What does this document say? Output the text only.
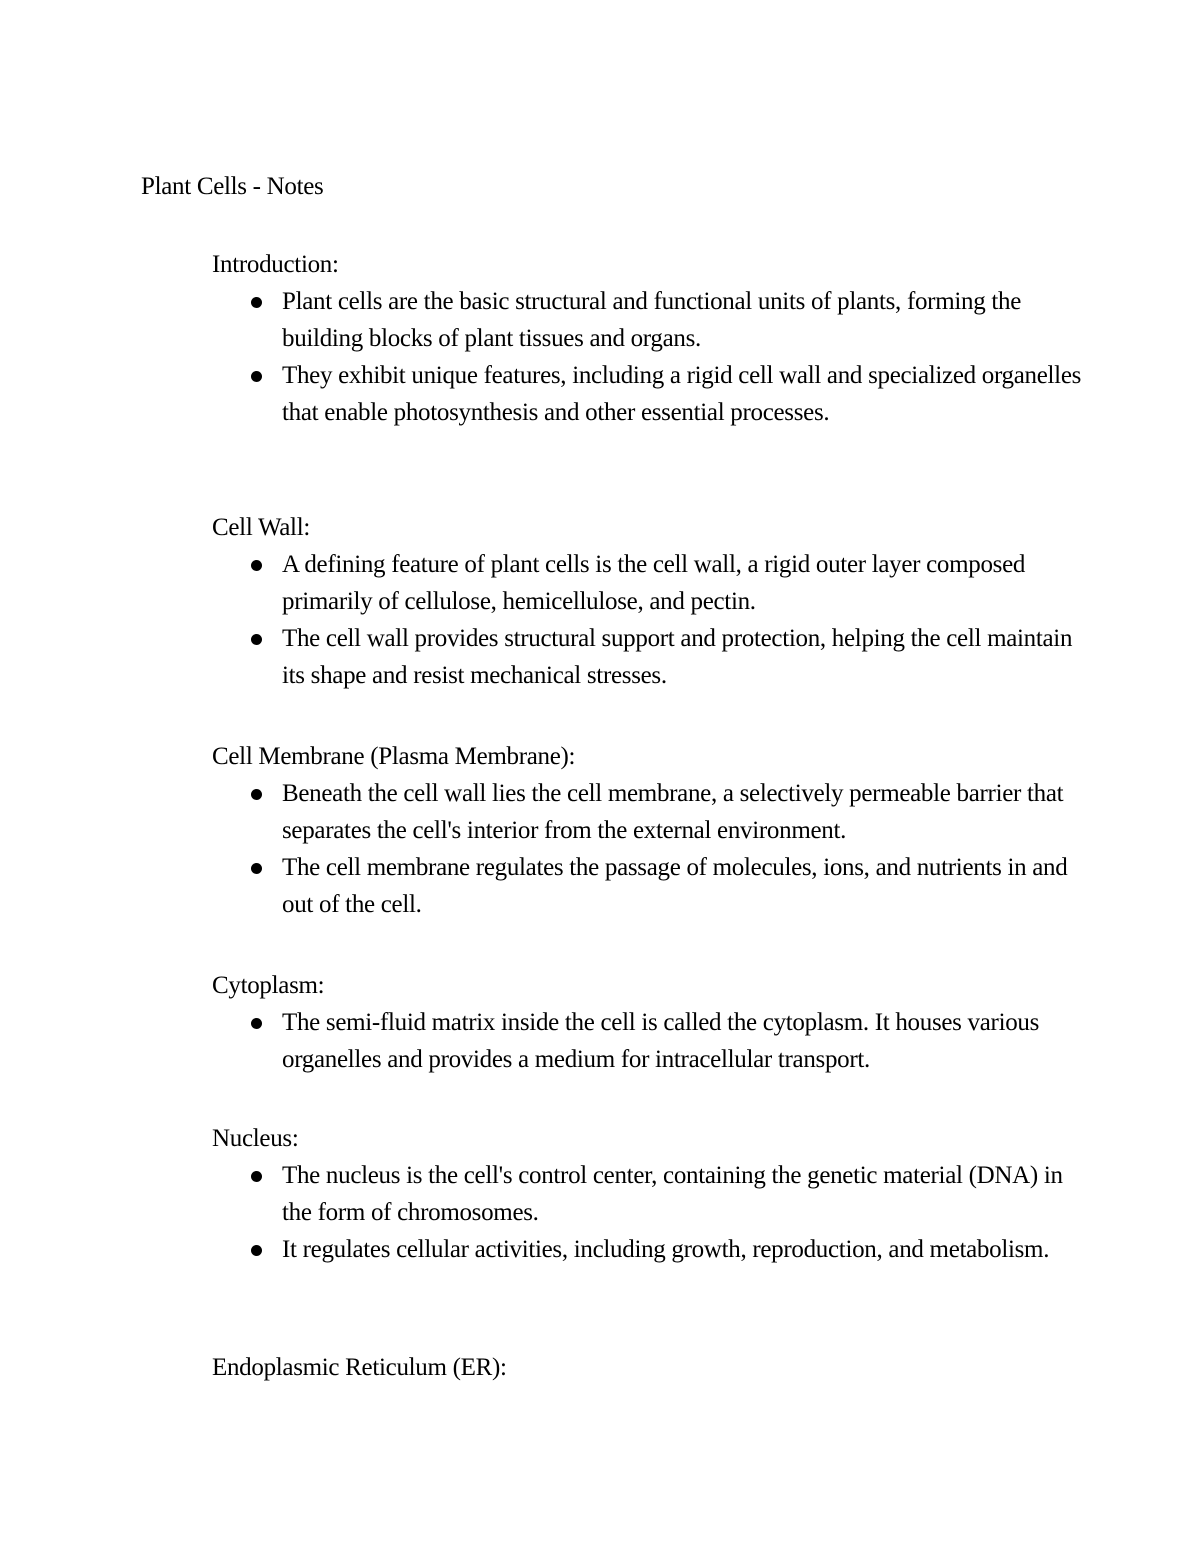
Plant Cells - Notes
Introduction:
Plant cells are the basic structural and functional units of plants, forming the building blocks of plant tissues and organs.
They exhibit unique features, including a rigid cell wall and specialized organelles that enable photosynthesis and other essential processes.
Cell Wall:
A defining feature of plant cells is the cell wall, a rigid outer layer composed primarily of cellulose, hemicellulose, and pectin.
The cell wall provides structural support and protection, helping the cell maintain its shape and resist mechanical stresses.
Cell Membrane (Plasma Membrane):
Beneath the cell wall lies the cell membrane, a selectively permeable barrier that separates the cell's interior from the external environment.
The cell membrane regulates the passage of molecules, ions, and nutrients in and out of the cell.
Cytoplasm:
The semi-fluid matrix inside the cell is called the cytoplasm. It houses various organelles and provides a medium for intracellular transport.
Nucleus:
The nucleus is the cell's control center, containing the genetic material (DNA) in the form of chromosomes.
It regulates cellular activities, including growth, reproduction, and metabolism.
Endoplasmic Reticulum (ER):
